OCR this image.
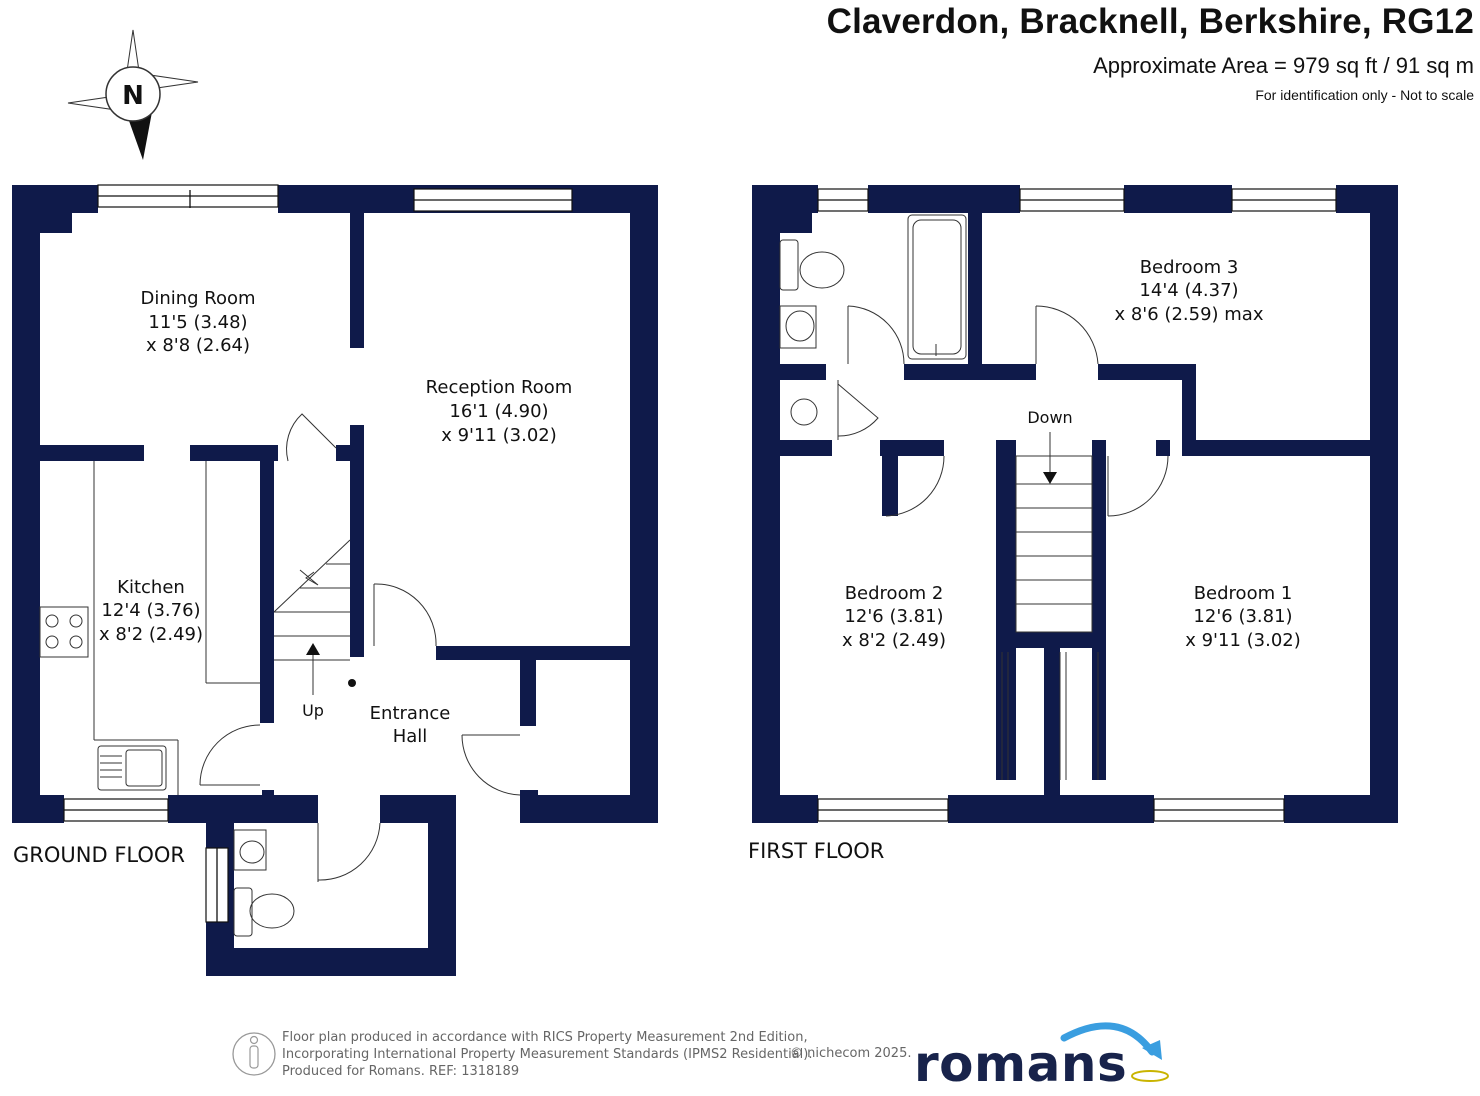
N
Dining Room
11'5 (3.48)
x 8'8 (2.64)
Reception Room
16'1 (4.90)
x 9'11 (3.02)
Kitchen
12'4 (3.76)
x 8'2 (2.49)
Entrance
Hall
Up
Bedroom 3
14'4 (4.37)
x 8'6 (2.59) max
Down
Bedroom 2
12'6 (3.81)
x 8'2 (2.49)
Bedroom 1
12'6 (3.81)
x 9'11 (3.02)
Claverdon, Bracknell, Berkshire, RG12
Approximate Area = 979 sq ft / 91 sq m
For identification only - Not to scale
GROUND FLOOR	FIRST FLOOR
Floor plan produced in accordance with RICS Property Measurement 2nd Edition,
Incorporating International Property Measurement Standards (IPMS2 Residential).
Produced for Romans. REF: 1318189
© nichecom 2025. romans
